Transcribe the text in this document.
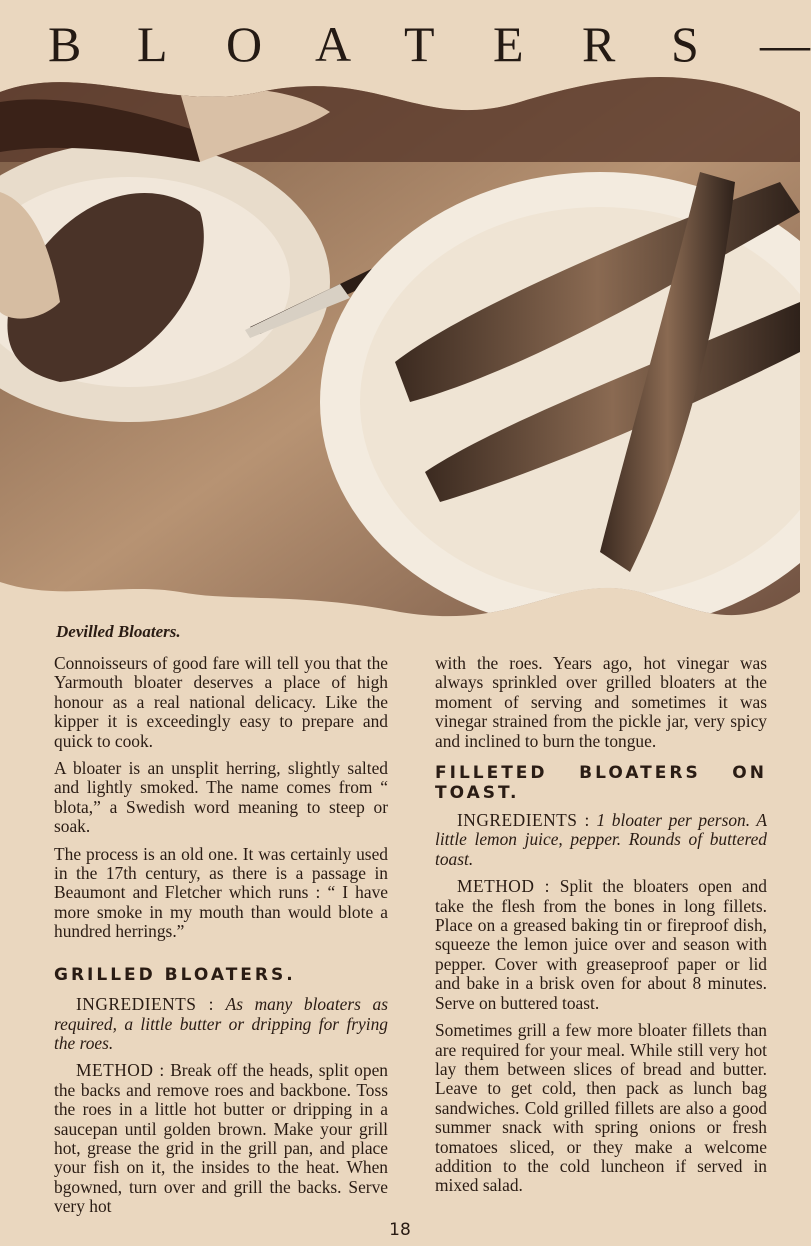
B	L	O	A	T	E	R	S	—
Devilled Bloaters.

Connoisseurs of good fare will tell you that the Yarmouth bloater deserves a place of high honour as a real national delicacy. Like the kipper it is exceedingly easy to prepare and quick to cook.

A bloater is an unsplit herring, slightly salted and lightly smoked. The name comes from “ blota,” a Swedish word meaning to steep or soak.

The process is an old one. It was certainly used in the 17th century, as there is a passage in Beaumont and Fletcher which runs : “ I have more smoke in my mouth than would blote a hundred herrings.”

GRILLED BLOATERS.

INGREDIENTS : As many bloaters as required, a little butter or dripping for frying the roes.

METHOD : Break off the heads, split open the backs and remove roes and backbone. Toss the roes in a little hot butter or dripping in a saucepan until golden brown. Make your grill hot, grease the grid in the grill pan, and place your fish on it, the insides to the heat. When bgowned, turn over and grill the backs. Serve very hot

with the roes. Years ago, hot vinegar was always sprinkled over grilled bloaters at the moment of serving and sometimes it was vinegar strained from the pickle jar, very spicy and inclined to burn the tongue.

FILLETED BLOATERS ON TOAST.

INGREDIENTS : 1 bloater per person. A little lemon juice, pepper. Rounds of buttered toast.

METHOD : Split the bloaters open and take the flesh from the bones in long fillets. Place on a greased baking tin or fireproof dish, squeeze the lemon juice over and season with pepper. Cover with greaseproof paper or lid and bake in a brisk oven for about 8 minutes. Serve on buttered toast.

Sometimes grill a few more bloater fillets than are required for your meal. While still very hot lay them between slices of bread and butter. Leave to get cold, then pack as lunch bag sandwiches. Cold grilled fillets are also a good summer snack with spring onions or fresh tomatoes sliced, or they make a welcome addition to the cold luncheon if served in mixed salad.

18
